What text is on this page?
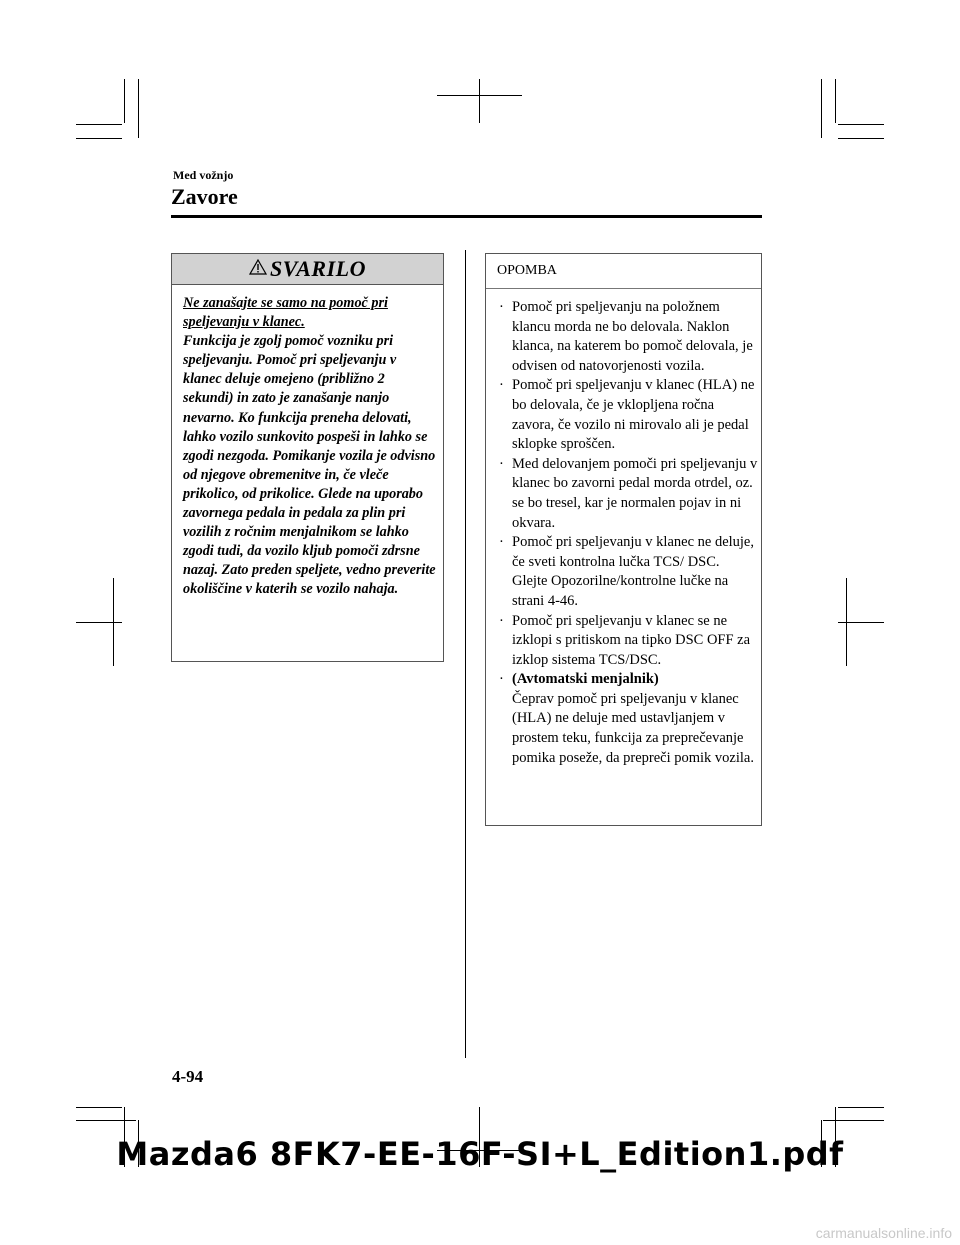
Med vožnjo
Zavore
SVARILO

Ne zanašajte se samo na pomoč pri speljevanju v klanec.

Funkcija je zgolj pomoč vozniku pri speljevanju. Pomoč pri speljevanju v klanec deluje omejeno (približno 2 sekundi) in zato je zanašanje nanjo nevarno. Ko funkcija preneha delovati, lahko vozilo sunkovito pospeši in lahko se zgodi nezgoda. Pomikanje vozila je odvisno od njegove obremenitve in, če vleče prikolico, od prikolice. Glede na uporabo zavornega pedala in pedala za plin pri vozilih z ročnim menjalnikom se lahko zgodi tudi, da vozilo kljub pomoči zdrsne nazaj. Zato preden speljete, vedno preverite okoliščine v katerih se vozilo nahaja.

OPOMBA
· Pomoč pri speljevanju na položnem klancu morda ne bo delovala. Naklon klanca, na katerem bo pomoč delovala, je odvisen od natovorjenosti vozila.
· Pomoč pri speljevanju v klanec (HLA) ne bo delovala, če je vklopljena ročna zavora, če vozilo ni mirovalo ali je pedal sklopke sproščen.
· Med delovanjem pomoči pri speljevanju v klanec bo zavorni pedal morda otrdel, oz. se bo tresel, kar je normalen pojav in ni okvara.
· Pomoč pri speljevanju v klanec ne deluje, če sveti kontrolna lučka TCS/ DSC.
Glejte Opozorilne/kontrolne lučke na strani 4-46.
· Pomoč pri speljevanju v klanec se ne izklopi s pritiskom na tipko DSC OFF za izklop sistema TCS/DSC.
· (Avtomatski menjalnik)
Čeprav pomoč pri speljevanju v klanec (HLA) ne deluje med ustavljanjem v prostem teku, funkcija za preprečevanje pomika poseže, da prepreči pomik vozila.
4-94
Mazda6 8FK7-EE-16F-SI+L_Edition1.pdf
carmanualsonline.info
